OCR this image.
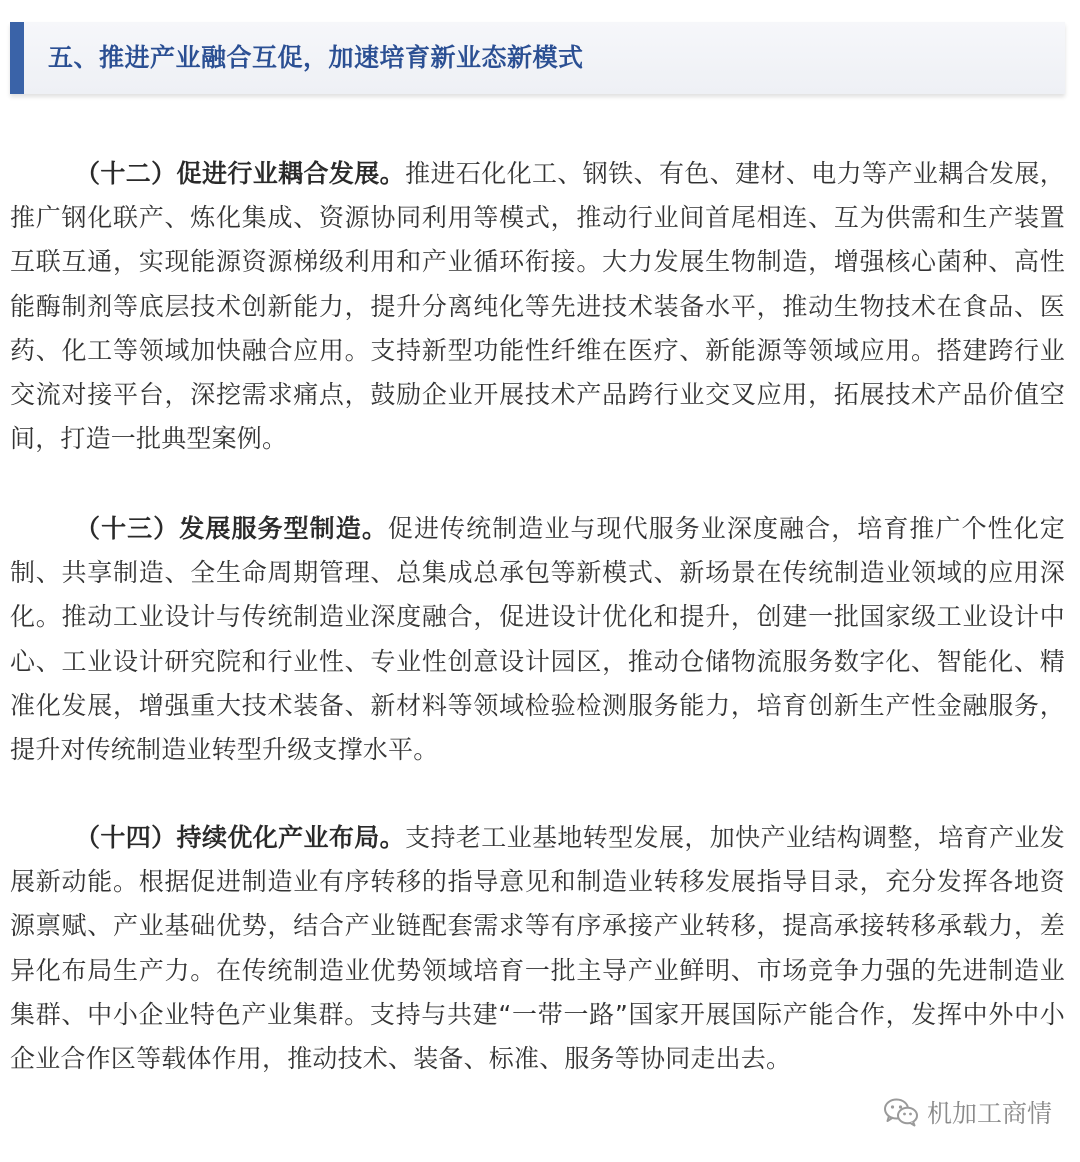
五、推进产业融合互促，加速培育新业态新模式

（十二）促进行业耦合发展。推进石化化工、钢铁、有色、建材、电力等产业耦合发展，推广钢化联产、炼化集成、资源协同利用等模式，推动行业间首尾相连、互为供需和生产装置互联互通，实现能源资源梯级利用和产业循环衔接。大力发展生物制造，增强核心菌种、高性能酶制剂等底层技术创新能力，提升分离纯化等先进技术装备水平，推动生物技术在食品、医药、化工等领域加快融合应用。支持新型功能性纤维在医疗、新能源等领域应用。搭建跨行业交流对接平台，深挖需求痛点，鼓励企业开展技术产品跨行业交叉应用，拓展技术产品价值空间，打造一批典型案例。

（十三）发展服务型制造。促进传统制造业与现代服务业深度融合，培育推广个性化定制、共享制造、全生命周期管理、总集成总承包等新模式、新场景在传统制造业领域的应用深化。推动工业设计与传统制造业深度融合，促进设计优化和提升，创建一批国家级工业设计中心、工业设计研究院和行业性、专业性创意设计园区，推动仓储物流服务数字化、智能化、精准化发展，增强重大技术装备、新材料等领域检验检测服务能力，培育创新生产性金融服务，提升对传统制造业转型升级支撑水平。

（十四）持续优化产业布局。支持老工业基地转型发展，加快产业结构调整，培育产业发展新动能。根据促进制造业有序转移的指导意见和制造业转移发展指导目录，充分发挥各地资源禀赋、产业基础优势，结合产业链配套需求等有序承接产业转移，提高承接转移承载力，差异化布局生产力。在传统制造业优势领域培育一批主导产业鲜明、市场竞争力强的先进制造业集群、中小企业特色产业集群。支持与共建“一带一路”国家开展国际产能合作，发挥中外中小企业合作区等载体作用，推动技术、装备、标准、服务等协同走出去。

机加工商情
